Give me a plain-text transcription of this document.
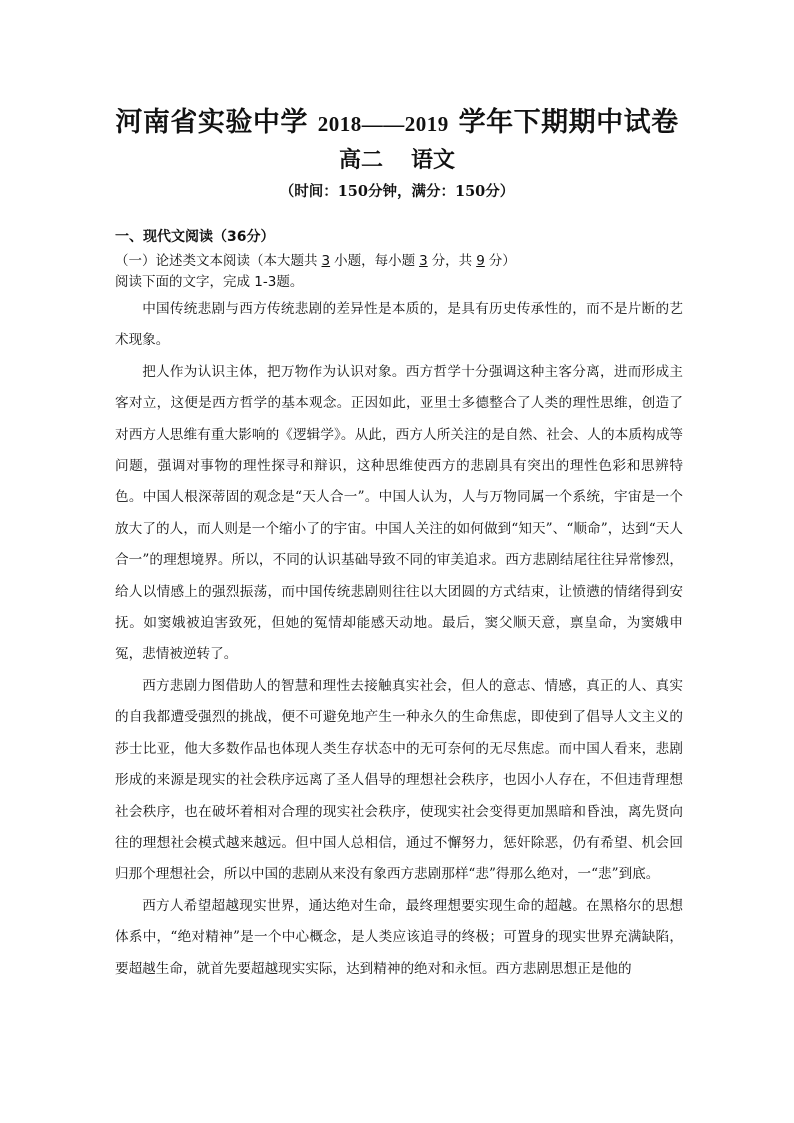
河南省实验中学 2018——2019 学年下期期中试卷
高二 语文
（时间：150分钟，满分：150分）
一、现代文阅读（36分）
（一）论述类文本阅读（本大题共 3 小题，每小题 3 分，共 9 分）
阅读下面的文字，完成 1-3题。

中国传统悲剧与西方传统悲剧的差异性是本质的，是具有历史传承性的，而不是片断的艺术现象。

把人作为认识主体，把万物作为认识对象。西方哲学十分强调这种主客分离，进而形成主客对立，这便是西方哲学的基本观念。正因如此，亚里士多德整合了人类的理性思维，创造了对西方人思维有重大影响的《逻辑学》。从此，西方人所关注的是自然、社会、人的本质构成等问题，强调对事物的理性探寻和辩识，这种思维使西方的悲剧具有突出的理性色彩和思辨特色。中国人根深蒂固的观念是“天人合一”。中国人认为，人与万物同属一个系统，宇宙是一个放大了的人，而人则是一个缩小了的宇宙。中国人关注的如何做到“知天”、“顺命”，达到“天人合一”的理想境界。所以，不同的认识基础导致不同的审美追求。西方悲剧结尾往往异常惨烈，给人以情感上的强烈振荡，而中国传统悲剧则往往以大团圆的方式结束，让愤懑的情绪得到安抚。如窦娥被迫害致死，但她的冤情却能感天动地。最后，窦父顺天意，禀皇命，为窦娥申冤，悲情被逆转了。

西方悲剧力图借助人的智慧和理性去接触真实社会，但人的意志、情感，真正的人、真实的自我都遭受强烈的挑战，便不可避免地产生一种永久的生命焦虑，即使到了倡导人文主义的莎士比亚，他大多数作品也体现人类生存状态中的无可奈何的无尽焦虑。而中国人看来，悲剧形成的来源是现实的社会秩序远离了圣人倡导的理想社会秩序，也因小人存在，不但违背理想社会秩序，也在破坏着相对合理的现实社会秩序，使现实社会变得更加黑暗和昏浊，离先贤向往的理想社会模式越来越远。但中国人总相信，通过不懈努力，惩奸除恶，仍有希望、机会回归那个理想社会，所以中国的悲剧从来没有象西方悲剧那样“悲”得那么绝对，一“悲”到底。

西方人希望超越现实世界，通达绝对生命，最终理想要实现生命的超越。在黑格尔的思想体系中，“绝对精神”是一个中心概念，是人类应该追寻的终极；可置身的现实世界充满缺陷，要超越生命，就首先要超越现实实际，达到精神的绝对和永恒。西方悲剧思想正是他的
